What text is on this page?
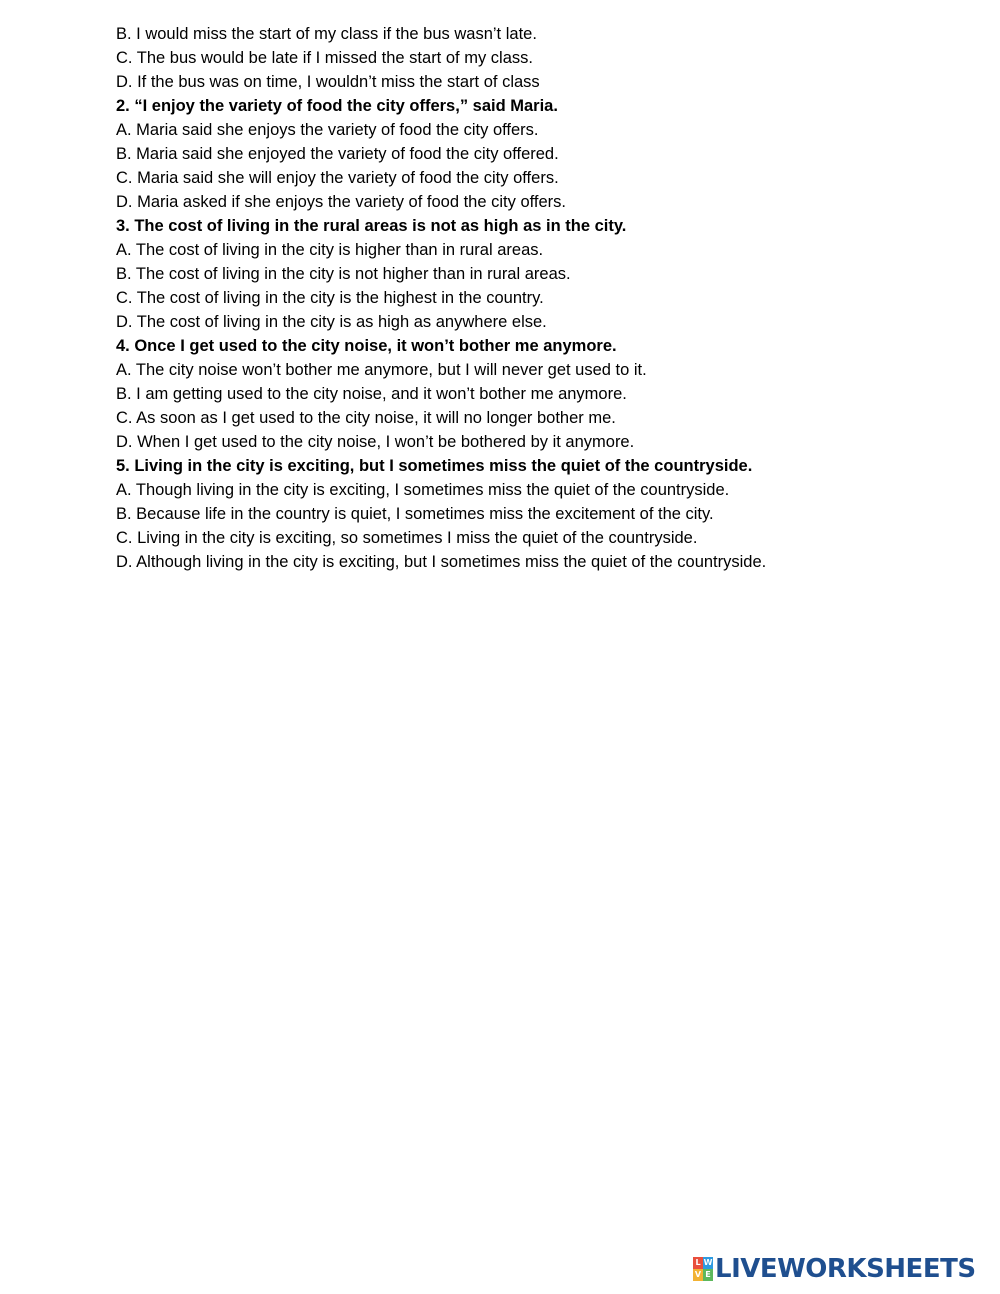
B. I would miss the start of my class if the bus wasn’t late.
C. The bus would be late if I missed the start of my class.
D. If the bus was on time, I wouldn’t miss the start of class
2. “I enjoy the variety of food the city offers,” said Maria.
A. Maria said she enjoys the variety of food the city offers.
B. Maria said she enjoyed the variety of food the city offered.
C. Maria said she will enjoy the variety of food the city offers.
D. Maria asked if she enjoys the variety of food the city offers.
3. The cost of living in the rural areas is not as high as in the city.
A. The cost of living in the city is higher than in rural areas.
B. The cost of living in the city is not higher than in rural areas.
C. The cost of living in the city is the highest in the country.
D. The cost of living in the city is as high as anywhere else.
4. Once I get used to the city noise, it won’t bother me anymore.
A. The city noise won’t bother me anymore, but I will never get used to it.
B. I am getting used to the city noise, and it won’t bother me anymore.
C. As soon as I get used to the city noise, it will no longer bother me.
D. When I get used to the city noise, I won’t be bothered by it anymore.
5. Living in the city is exciting, but I sometimes miss the quiet of the countryside.
A. Though living in the city is exciting, I sometimes miss the quiet of the countryside.
B. Because life in the country is quiet, I sometimes miss the excitement of the city.
C. Living in the city is exciting, so sometimes I miss the quiet of the countryside.
D. Although living in the city is exciting, but I sometimes miss the quiet of the countryside.
L W
V E LIVEWORKSHEETS
